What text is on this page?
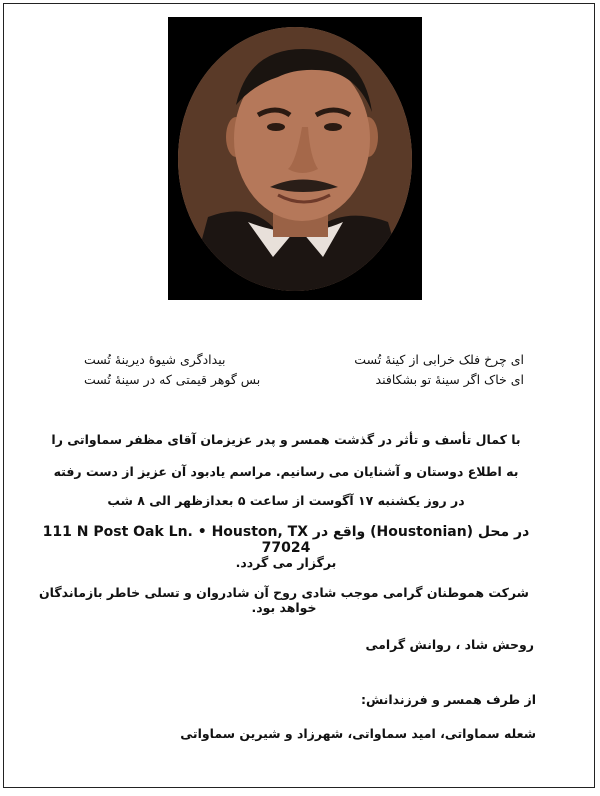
ای چرخ فلک خرابی از کینهٔ تُست
بیدادگری شیوهٔ دیرینهٔ تُست
ای خاک اگر سینهٔ تو بشکافند
بس گوهر قیمتی که در سینهٔ تُست
با کمال تأسف و تأثر در گذشت همسر و پدر عزیزمان آقای مظفر سماواتی را
به اطلاع دوستان و آشنایان می رسانیم. مراسم یادبود آن عزیز از دست رفته
در روز یکشنبه ۱۷ آگوست از ساعت ۵ بعدازظهر الی ۸ شب
در محل (Houstonian) واقع در 111 N Post Oak Ln. • Houston, TX 77024
برگزار می گردد.
شرکت هموطنان گرامی موجب شادی روح آن شادروان و تسلی خاطر بازماندگان خواهد بود.
روحش شاد ، روانش گرامی
از طرف همسر و فرزندانش:
شعله سماواتی، امید سماواتی، شهرزاد و شیرین سماواتی
